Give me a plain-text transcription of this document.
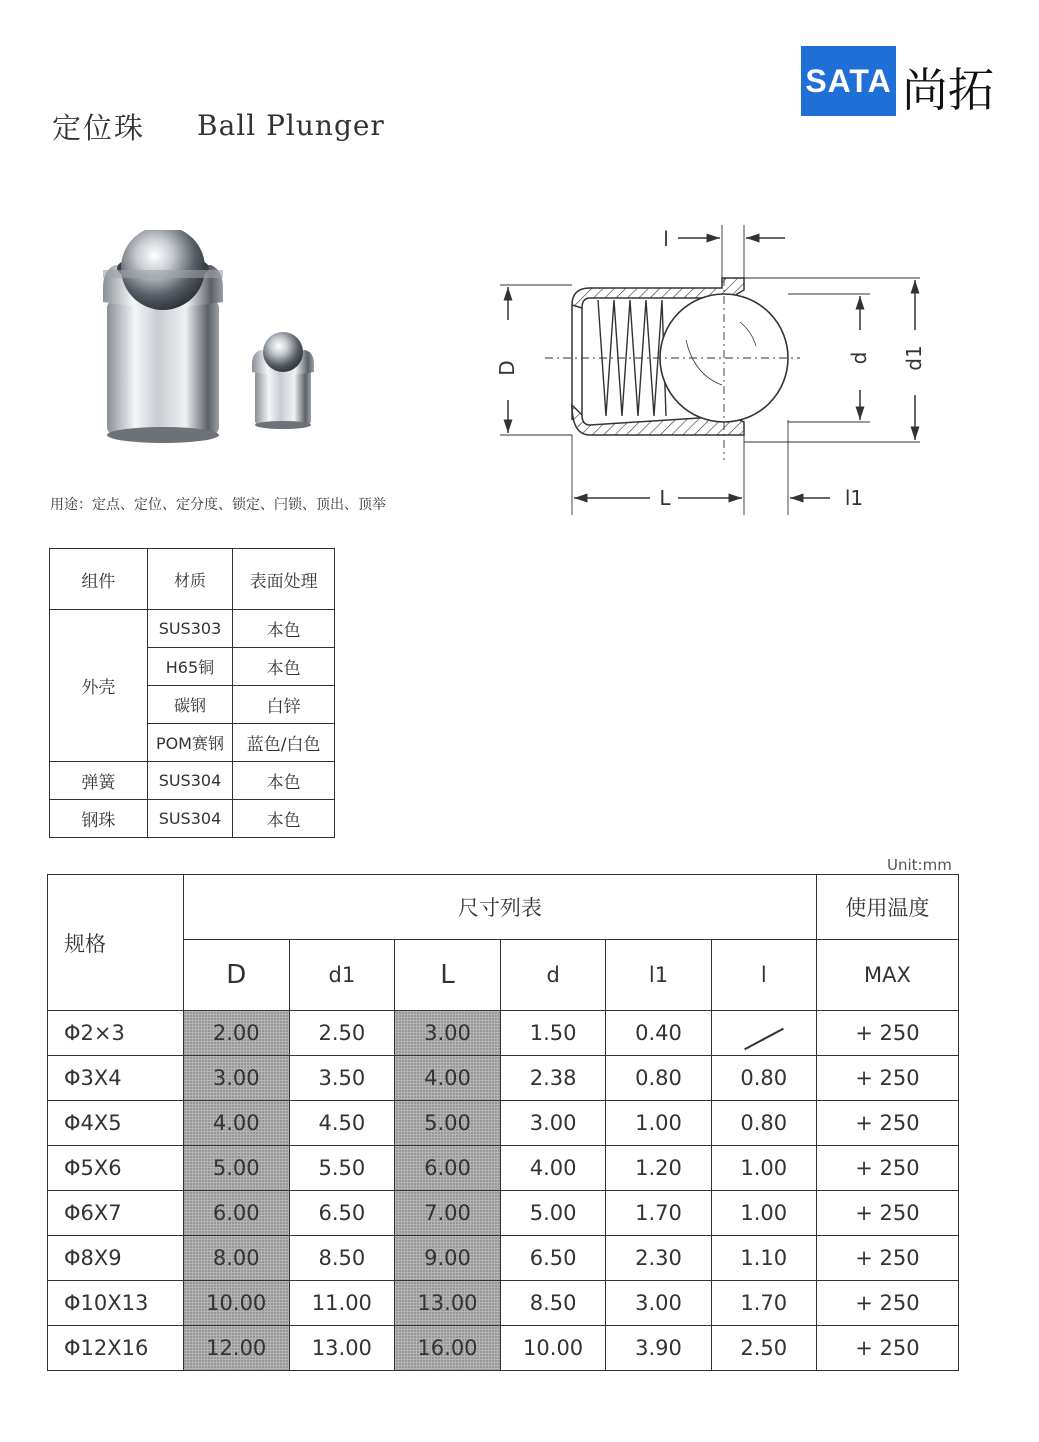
SATA 尚拓
定位珠 Ball Plunger
D
d d1
l
L	l1
用途：定点、定位、定分度、锁定、闩锁、顶出、顶举
组件	材质	表面处理
外壳	SUS303	本色
	H65铜	本色
	碳钢	白锌
	POM赛钢	蓝色/白色
弹簧	SUS304	本色
钢珠	SUS304	本色
Unit:mm
规格	尺寸列表						使用温度
	D	d1	L	d	l1	l	MAX
Φ2×3	2.00	2.50	3.00	1.50	0.40		+ 250
Φ3X4	3.00	3.50	4.00	2.38	0.80	0.80	+ 250
Φ4X5	4.00	4.50	5.00	3.00	1.00	0.80	+ 250
Φ5X6	5.00	5.50	6.00	4.00	1.20	1.00	+ 250
Φ6X7	6.00	6.50	7.00	5.00	1.70	1.00	+ 250
Φ8X9	8.00	8.50	9.00	6.50	2.30	1.10	+ 250
Φ10X13	10.00	11.00	13.00	8.50	3.00	1.70	+ 250
Φ12X16	12.00	13.00	16.00	10.00	3.90	2.50	+ 250
